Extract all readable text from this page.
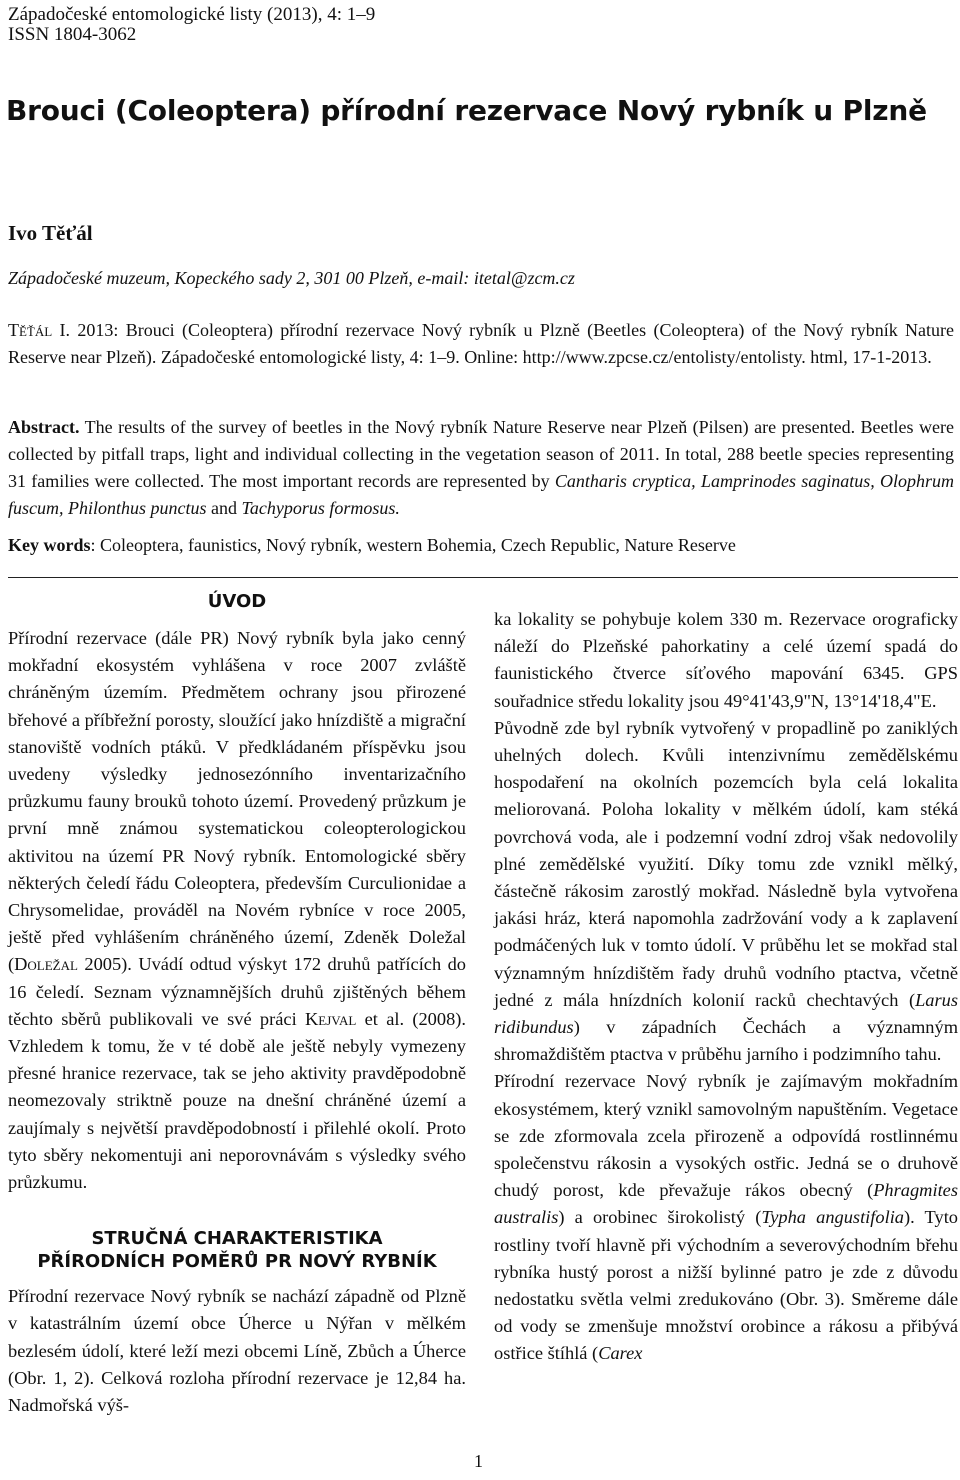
Západočeské entomologické listy (2013), 4: 1–9
ISSN 1804-3062
Brouci (Coleoptera) přírodní rezervace Nový rybník u Plzně
Ivo Těťál
Západočeské muzeum, Kopeckého sady 2, 301 00 Plzeň, e-mail: itetal@zcm.cz
Těťál I. 2013: Brouci (Coleoptera) přírodní rezervace Nový rybník u Plzně (Beetles (Coleoptera) of the Nový rybník Nature Reserve near Plzeň). Západočeské entomologické listy, 4: 1–9. Online: http://www.zpcse.cz/entolisty/entolisty. html, 17-1-2013.
Abstract. The results of the survey of beetles in the Nový rybník Nature Reserve near Plzeň (Pilsen) are presented. Beetles were collected by pitfall traps, light and individual collecting in the vegetation season of 2011. In total, 288 beetle species representing 31 families were collected. The most important records are represented by Cantharis cryptica, Lamprinodes saginatus, Olophrum fuscum, Philonthus punctus and Tachyporus formosus.
Key words: Coleoptera, faunistics, Nový rybník, western Bohemia, Czech Republic, Nature Reserve
ÚVOD

Přírodní rezervace (dále PR) Nový rybník byla jako cenný mokřadní ekosystém vyhlášena v roce 2007 zvláště chráněným územím. Předmětem ochrany jsou přirozené břehové a příbřežní porosty, sloužící jako hnízdiště a migrační stanoviště vodních ptáků. V předkládaném příspěvku jsou uvedeny výsledky jednosezónního inventarizačního průzkumu fauny brouků tohoto území. Provedený průzkum je první mně známou systematickou coleopterologickou aktivitou na území PR Nový rybník. Entomologické sběry některých čeledí řádu Coleoptera, především Curculionidae a Chrysomelidae, prováděl na Novém rybníce v roce 2005, ještě před vyhlášením chráněného území, Zdeněk Doležal (Doležal 2005). Uvádí odtud výskyt 172 druhů patřících do 16 čeledí. Seznam významnějších druhů zjištěných během těchto sběrů publikovali ve své práci Kejval et al. (2008). Vzhledem k tomu, že v té době ale ještě nebyly vymezeny přesné hranice rezervace, tak se jeho aktivity pravděpodobně neomezovaly striktně pouze na dnešní chráněné území a zaujímaly s největší pravděpodobností i přilehlé okolí. Proto tyto sběry nekomentuji ani neporovnávám s výsledky svého průzkumu.

STRUČNÁ CHARAKTERISTIKA
PŘÍRODNÍCH POMĚRŮ PR NOVÝ RYBNÍK

Přírodní rezervace Nový rybník se nachází západně od Plzně v katastrálním území obce Úherce u Nýřan v mělkém bezlesém údolí, které leží mezi obcemi Líně, Zbůch a Úherce (Obr. 1, 2). Celková rozloha přírodní rezervace je 12,84 ha. Nadmořská výš-

ka lokality se pohybuje kolem 330 m. Rezervace orograficky náleží do Plzeňské pahorkatiny a celé území spadá do faunistického čtverce síťového mapování 6345. GPS souřadnice středu lokality jsou 49°41'43,9"N, 13°14'18,4"E.

Původně zde byl rybník vytvořený v propadlině po zaniklých uhelných dolech. Kvůli intenzivnímu zemědělskému hospodaření na okolních pozemcích byla celá lokalita meliorovaná. Poloha lokality v mělkém údolí, kam stéká povrchová voda, ale i podzemní vodní zdroj však nedovolily plné zemědělské využití. Díky tomu zde vznikl mělký, částečně rákosim zarostlý mokřad. Následně byla vytvořena jakási hráz, která napomohla zadržování vody a k zaplavení podmáčených luk v tomto údolí. V průběhu let se mokřad stal významným hnízdištěm řady druhů vodního ptactva, včetně jedné z mála hnízdních kolonií racků chechtavých (Larus ridibundus) v západních Čechách a významným shromaždištěm ptactva v průběhu jarního i podzimního tahu.

Přírodní rezervace Nový rybník je zajímavým mokřadním ekosystémem, který vznikl samovolným napuštěním. Vegetace se zde zformovala zcela přirozeně a odpovídá rostlinnému společenstvu rákosin a vysokých ostřic. Jedná se o druhově chudý porost, kde převažuje rákos obecný (Phragmites australis) a orobinec širokolistý (Typha angustifolia). Tyto rostliny tvoří hlavně při východním a severovýchodním břehu rybníka hustý porost a nižší bylinné patro je zde z důvodu nedostatku světla velmi zredukováno (Obr. 3). Směreme dále od vody se zmenšuje množství orobince a rákosu a přibývá ostřice štíhlá (Carex

1
